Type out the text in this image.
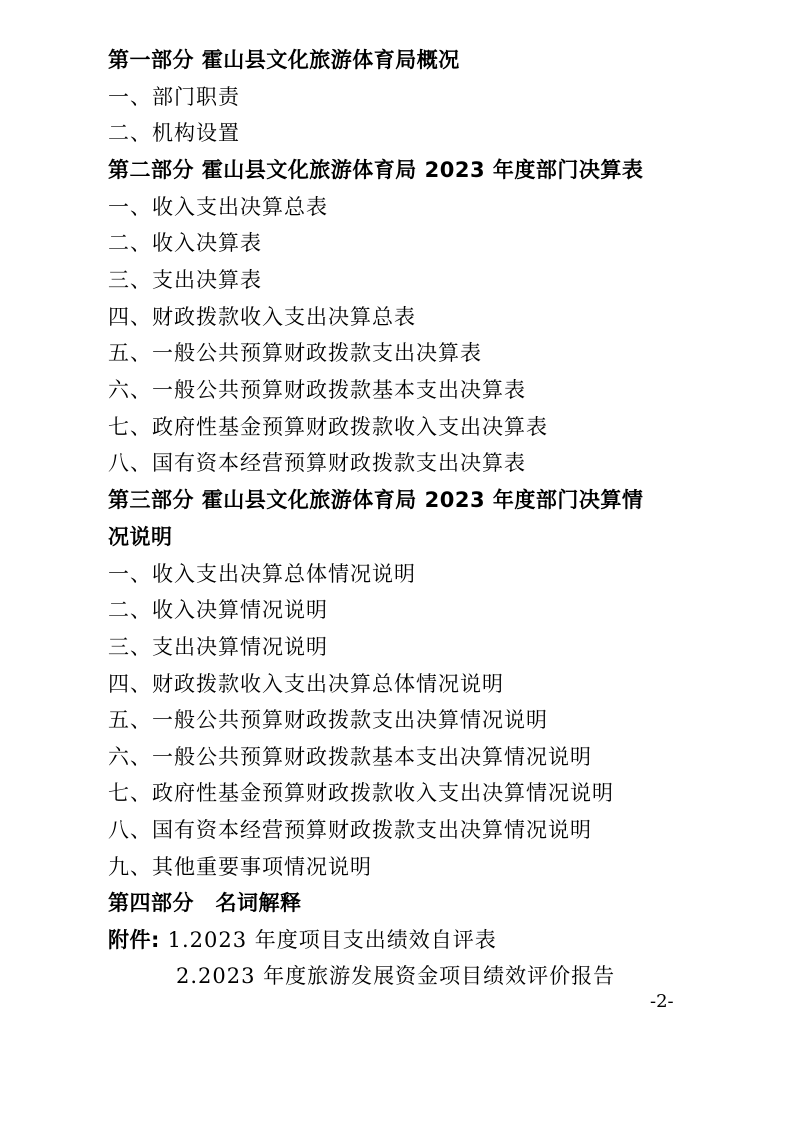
第一部分 霍山县文化旅游体育局概况
一、部门职责
二、机构设置
第二部分 霍山县文化旅游体育局 2023 年度部门决算表
一、收入支出决算总表
二、收入决算表
三、支出决算表
四、财政拨款收入支出决算总表
五、一般公共预算财政拨款支出决算表
六、一般公共预算财政拨款基本支出决算表
七、政府性基金预算财政拨款收入支出决算表
八、国有资本经营预算财政拨款支出决算表
第三部分 霍山县文化旅游体育局 2023 年度部门决算情
况说明
一、收入支出决算总体情况说明
二、收入决算情况说明
三、支出决算情况说明
四、财政拨款收入支出决算总体情况说明
五、一般公共预算财政拨款支出决算情况说明
六、一般公共预算财政拨款基本支出决算情况说明
七、政府性基金预算财政拨款收入支出决算情况说明
八、国有资本经营预算财政拨款支出决算情况说明
九、其他重要事项情况说明
第四部分　名词解释
附件: 1.2023 年度项目支出绩效自评表
2.2023 年度旅游发展资金项目绩效评价报告
-2-
